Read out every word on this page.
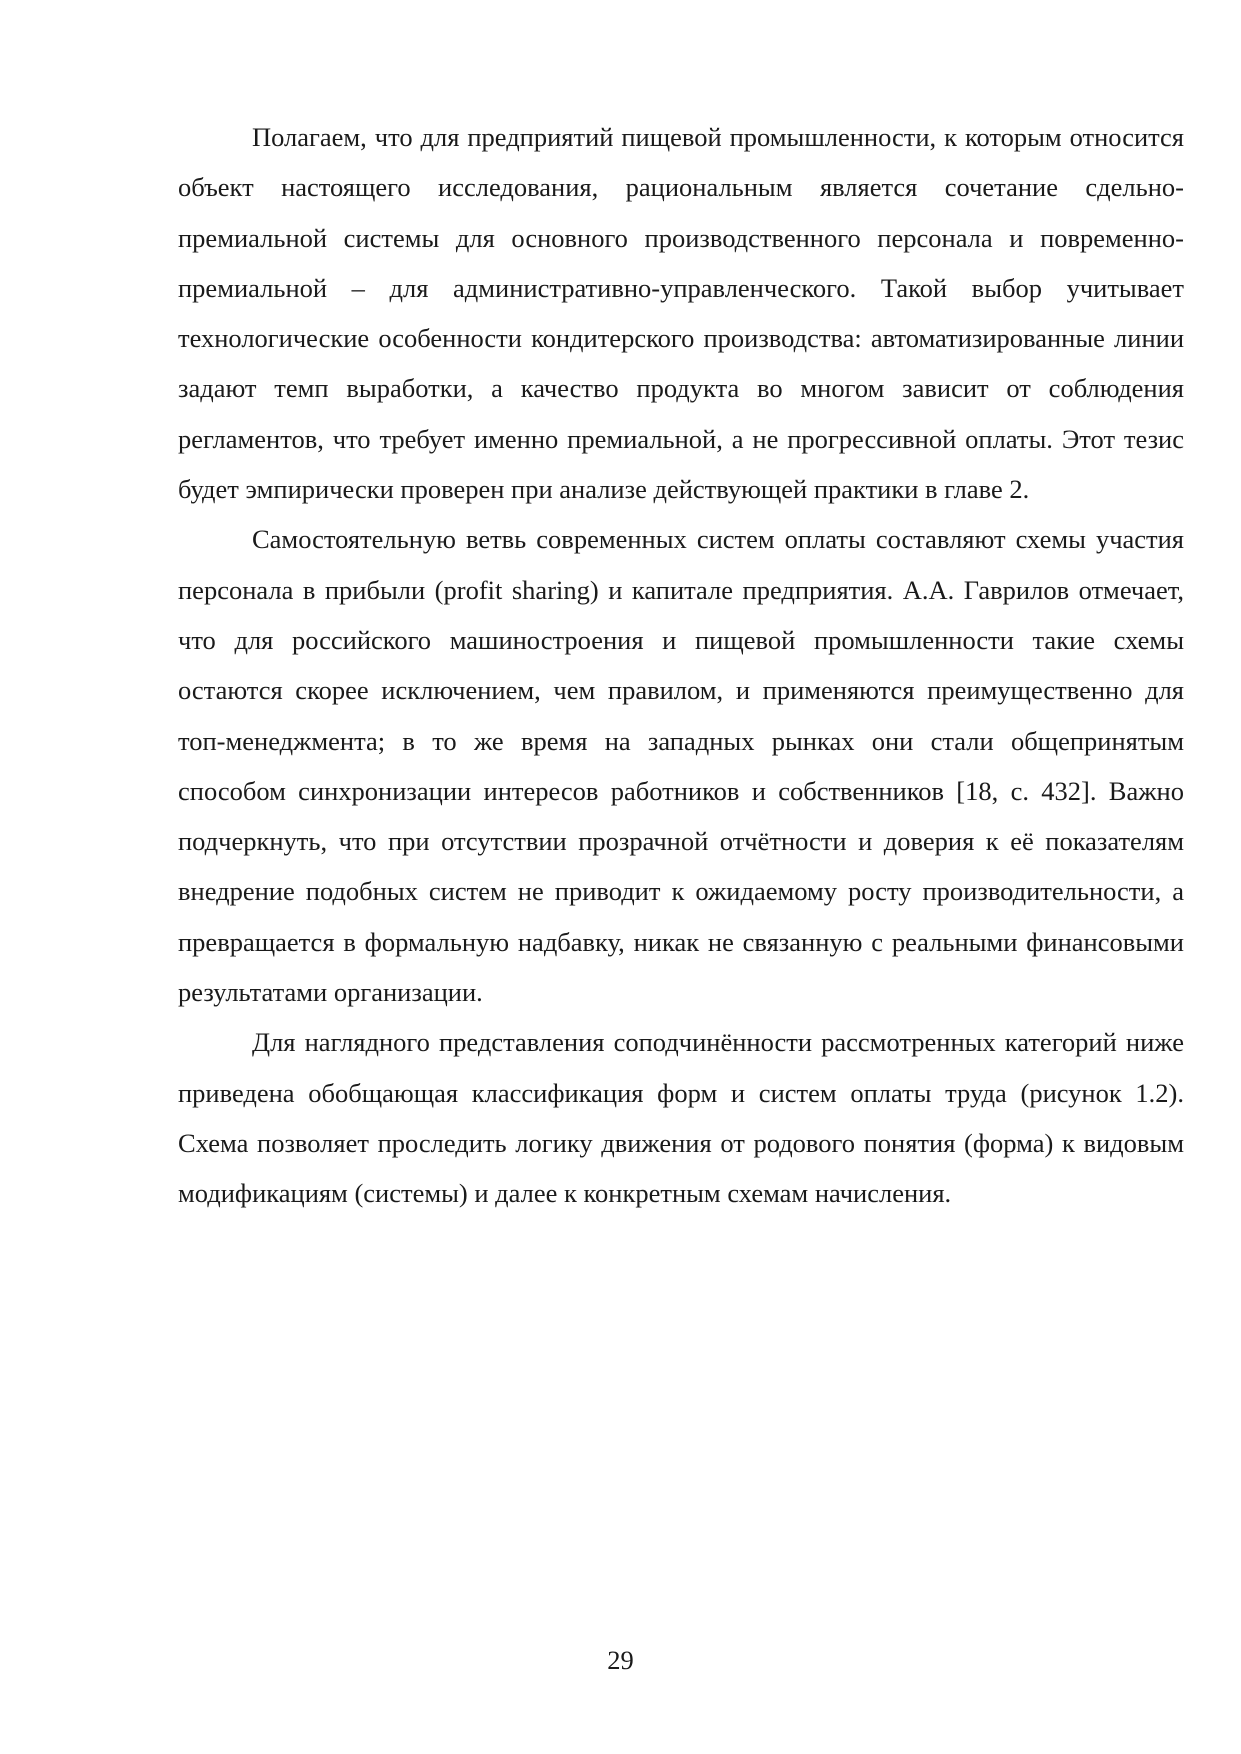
Полагаем, что для предприятий пищевой промышленности, к которым относится объект настоящего исследования, рациональным является сочетание сдельно-премиальной системы для основного производственного персонала и повременно-премиальной – для административно-управленческого. Такой выбор учитывает технологические особенности кондитерского производства: автоматизированные линии задают темп выработки, а качество продукта во многом зависит от соблюдения регламентов, что требует именно премиальной, а не прогрессивной оплаты. Этот тезис будет эмпирически проверен при анализе действующей практики в главе 2.

Самостоятельную ветвь современных систем оплаты составляют схемы участия персонала в прибыли (profit sharing) и капитале предприятия. А.А. Гаврилов отмечает, что для российского машиностроения и пищевой промышленности такие схемы остаются скорее исключением, чем правилом, и применяются преимущественно для топ-менеджмента; в то же время на западных рынках они стали общепринятым способом синхронизации интересов работников и собственников [18, с. 432]. Важно подчеркнуть, что при отсутствии прозрачной отчётности и доверия к её показателям внедрение подобных систем не приводит к ожидаемому росту производительности, а превращается в формальную надбавку, никак не связанную с реальными финансовыми результатами организации.

Для наглядного представления соподчинённости рассмотренных категорий ниже приведена обобщающая классификация форм и систем оплаты труда (рисунок 1.2). Схема позволяет проследить логику движения от родового понятия (форма) к видовым модификациям (системы) и далее к конкретным схемам начисления.

29
